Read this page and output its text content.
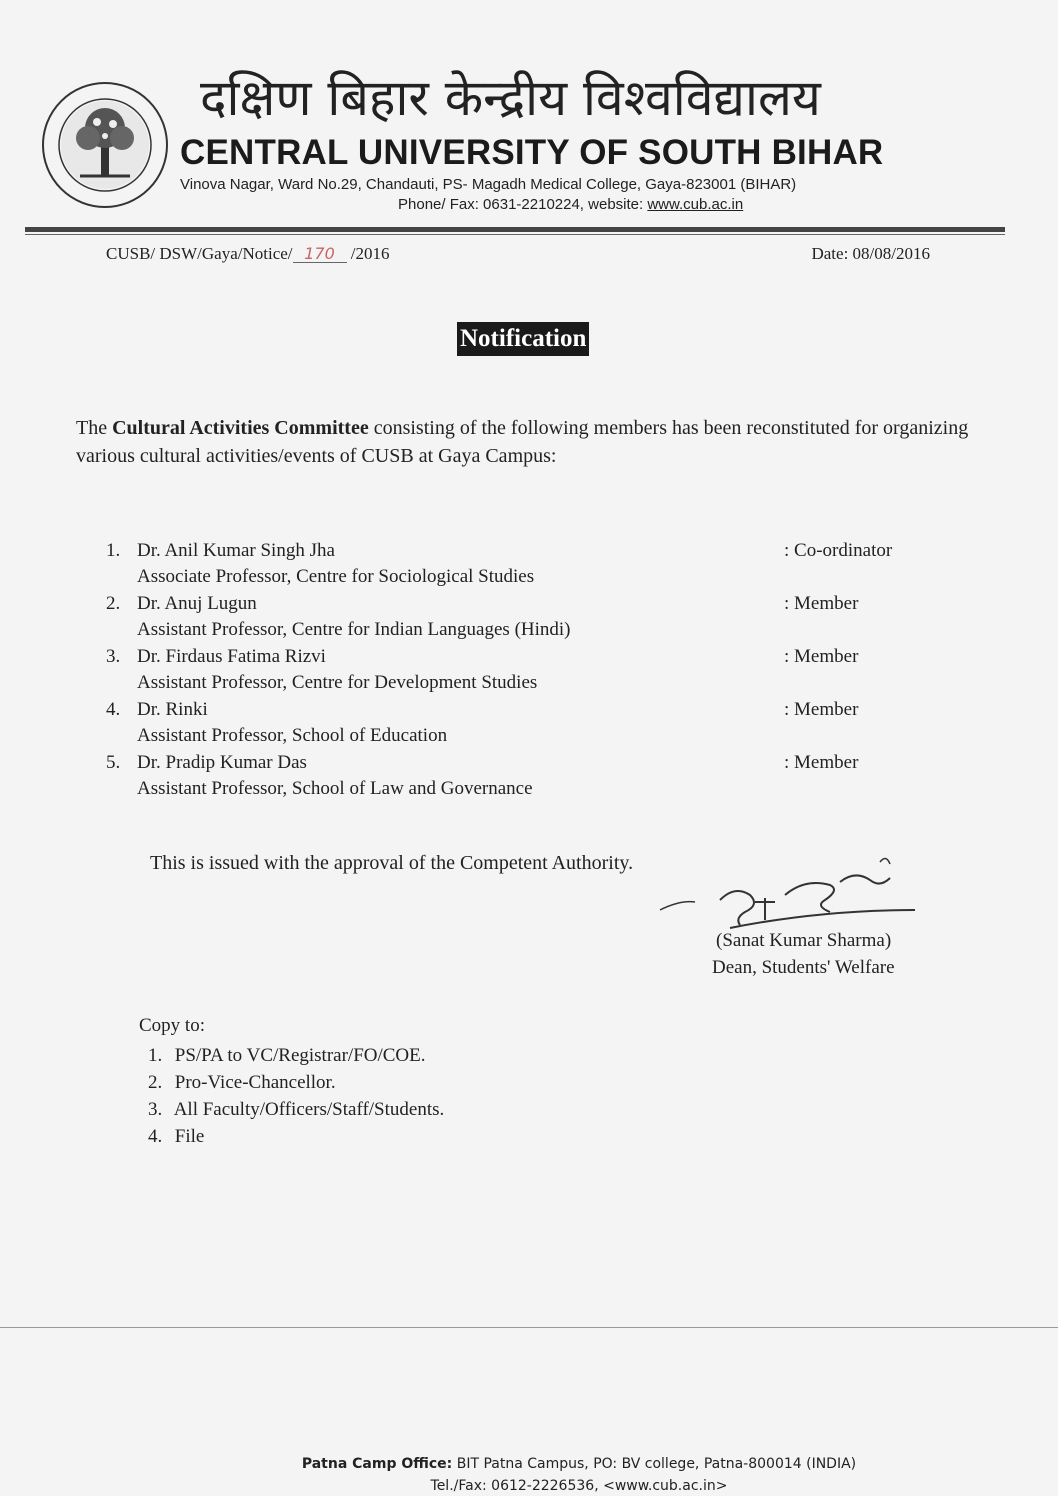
दक्षिण बिहार केन्द्रीय विश्वविद्यालय
CENTRAL UNIVERSITY OF SOUTH BIHAR
Vinova Nagar, Ward No.29, Chandauti, PS- Magadh Medical College, Gaya-823001 (BIHAR)
Phone/ Fax: 0631-2210224, website: www.cub.ac.in
CUSB/ DSW/Gaya/Notice/ 170 /2016	Date: 08/08/2016
Notification
The Cultural Activities Committee consisting of the following members has been reconstituted for organizing various cultural activities/events of CUSB at Gaya Campus:
1. Dr. Anil Kumar Singh Jha
Associate Professor, Centre for Sociological Studies
: Co-ordinator
2. Dr. Anuj Lugun
Assistant Professor, Centre for Indian Languages (Hindi)
: Member
3. Dr. Firdaus Fatima Rizvi
Assistant Professor, Centre for Development Studies
: Member
4. Dr. Rinki
Assistant Professor, School of Education
: Member
5. Dr. Pradip Kumar Das
Assistant Professor, School of Law and Governance
: Member
This is issued with the approval of the Competent Authority.
(Sanat Kumar Sharma)
Dean, Students' Welfare
Copy to:
1. PS/PA to VC/Registrar/FO/COE.
2. Pro-Vice-Chancellor.
3. All Faculty/Officers/Staff/Students.
4. File
Patna Camp Office: BIT Patna Campus, PO: BV college, Patna-800014 (INDIA)
Tel./Fax: 0612-2226536, <www.cub.ac.in>
